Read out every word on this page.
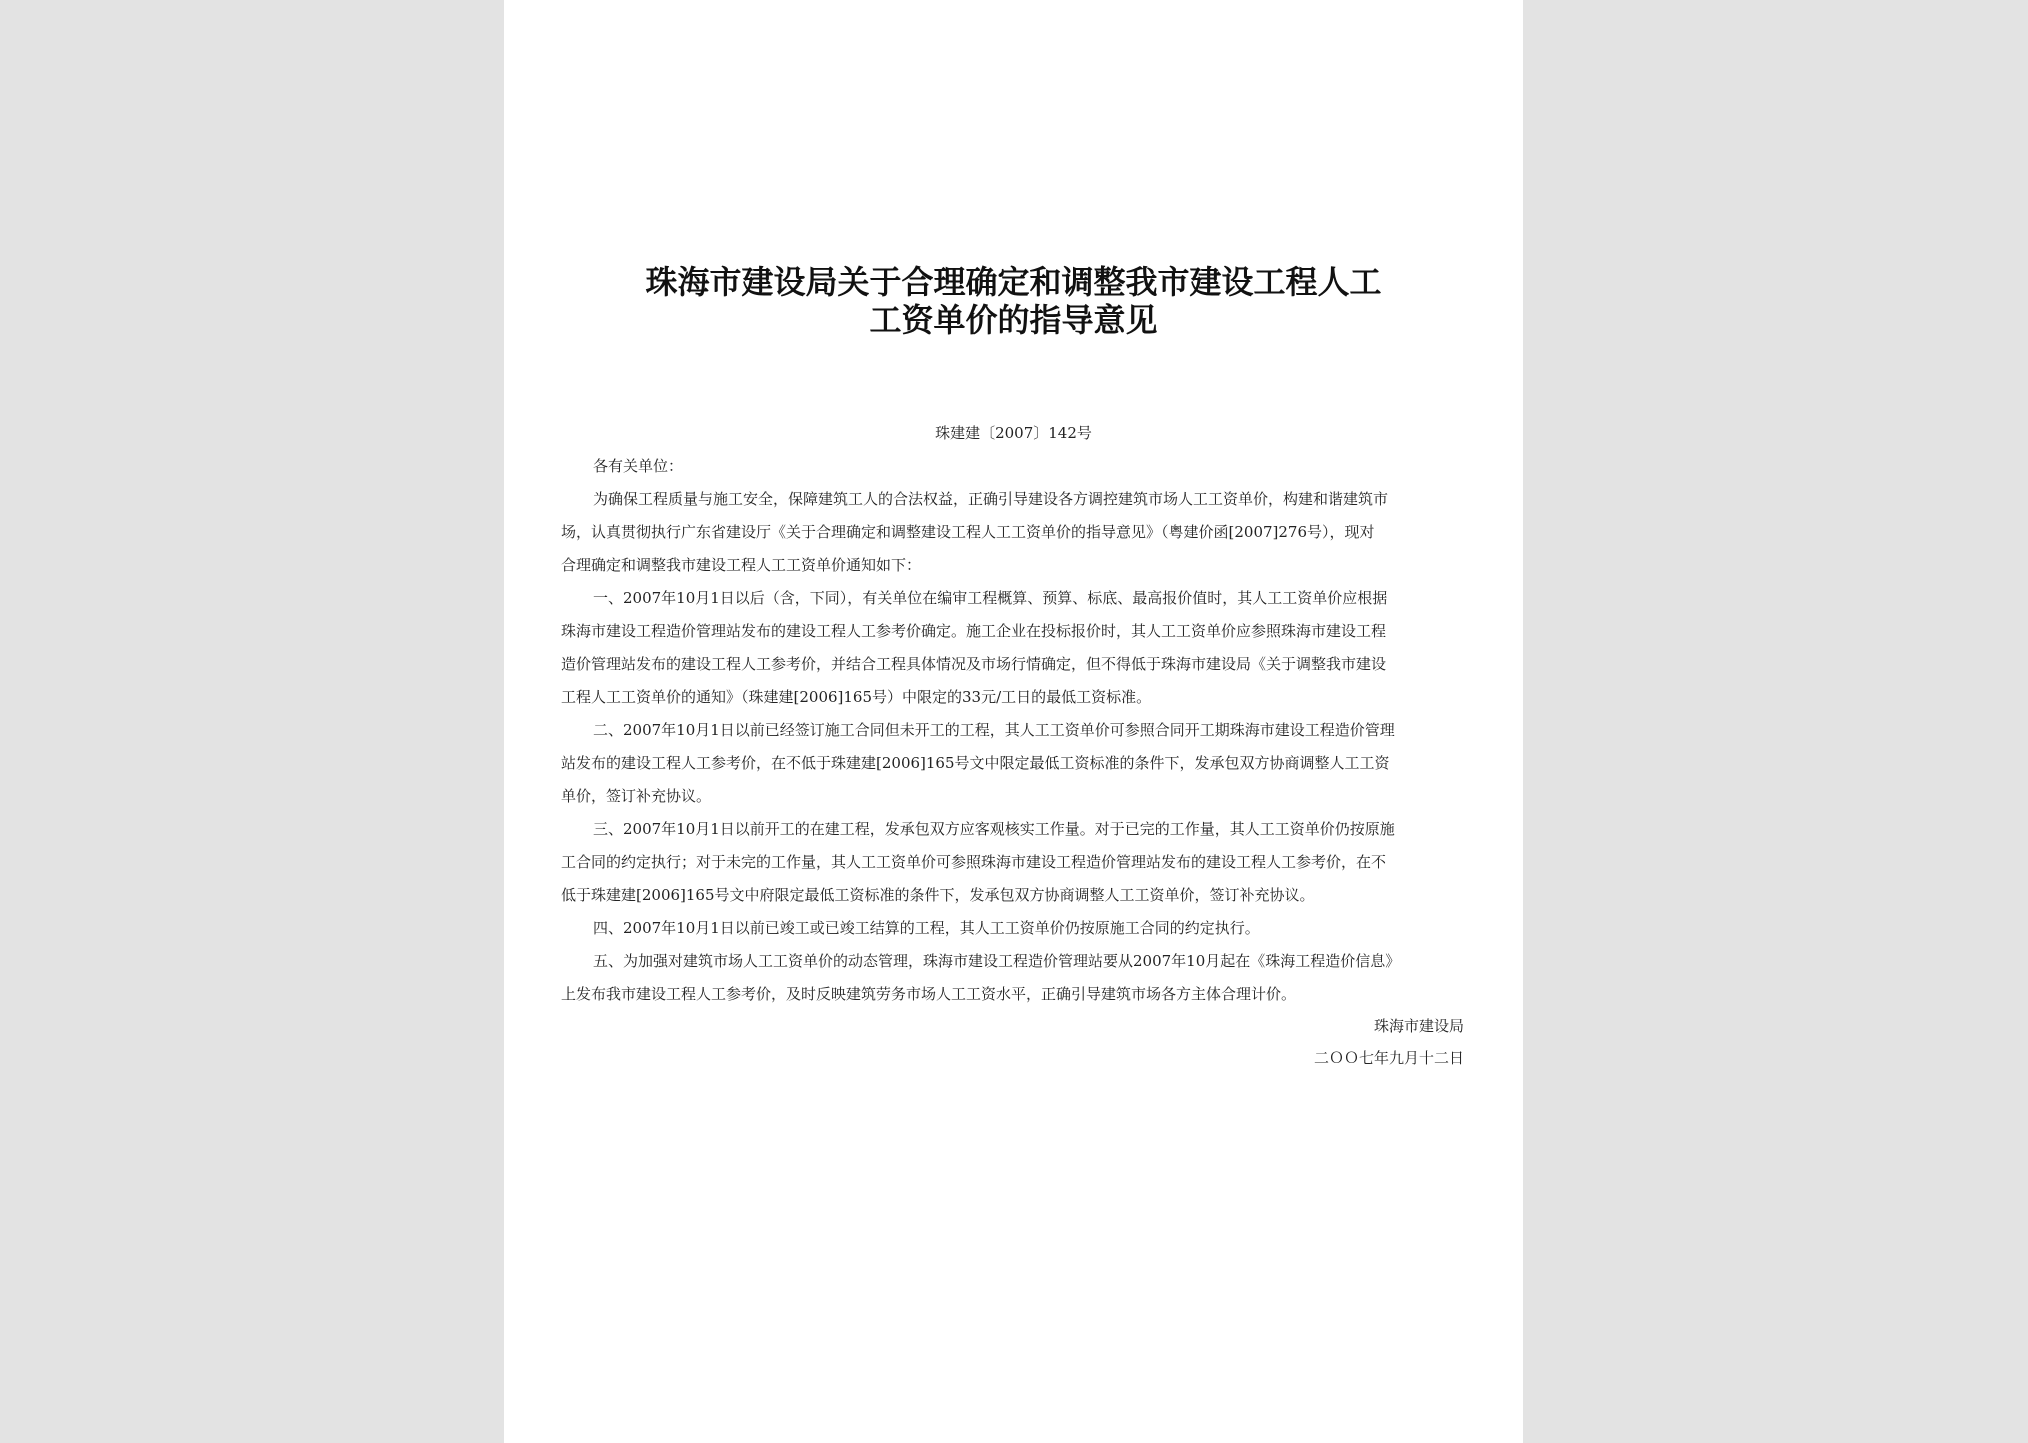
珠海市建设局关于合理确定和调整我市建设工程人工
工资单价的指导意见
珠建建〔2007〕142号
各有关单位：
为确保工程质量与施工安全，保障建筑工人的合法权益，正确引导建设各方调控建筑市场人工工资单价，构建和谐建筑市
场，认真贯彻执行广东省建设厅《关于合理确定和调整建设工程人工工资单价的指导意见》（粤建价函[2007]276号），现对
合理确定和调整我市建设工程人工工资单价通知如下：
一、2007年10月1日以后（含，下同），有关单位在编审工程概算、预算、标底、最高报价值时，其人工工资单价应根据
珠海市建设工程造价管理站发布的建设工程人工参考价确定。施工企业在投标报价时，其人工工资单价应参照珠海市建设工程
造价管理站发布的建设工程人工参考价，并结合工程具体情况及市场行情确定，但不得低于珠海市建设局《关于调整我市建设
工程人工工资单价的通知》（珠建建[2006]165号）中限定的33元/工日的最低工资标准。
二、2007年10月1日以前已经签订施工合同但未开工的工程，其人工工资单价可参照合同开工期珠海市建设工程造价管理
站发布的建设工程人工参考价，在不低于珠建建[2006]165号文中限定最低工资标准的条件下，发承包双方协商调整人工工资
单价，签订补充协议。
三、2007年10月1日以前开工的在建工程，发承包双方应客观核实工作量。对于已完的工作量，其人工工资单价仍按原施
工合同的约定执行；对于未完的工作量，其人工工资单价可参照珠海市建设工程造价管理站发布的建设工程人工参考价，在不
低于珠建建[2006]165号文中府限定最低工资标准的条件下，发承包双方协商调整人工工资单价，签订补充协议。
四、2007年10月1日以前已竣工或已竣工结算的工程，其人工工资单价仍按原施工合同的约定执行。
五、为加强对建筑市场人工工资单价的动态管理，珠海市建设工程造价管理站要从2007年10月起在《珠海工程造价信息》
上发布我市建设工程人工参考价，及时反映建筑劳务市场人工工资水平，正确引导建筑市场各方主体合理计价。
珠海市建设局
二ＯＯ七年九月十二日
